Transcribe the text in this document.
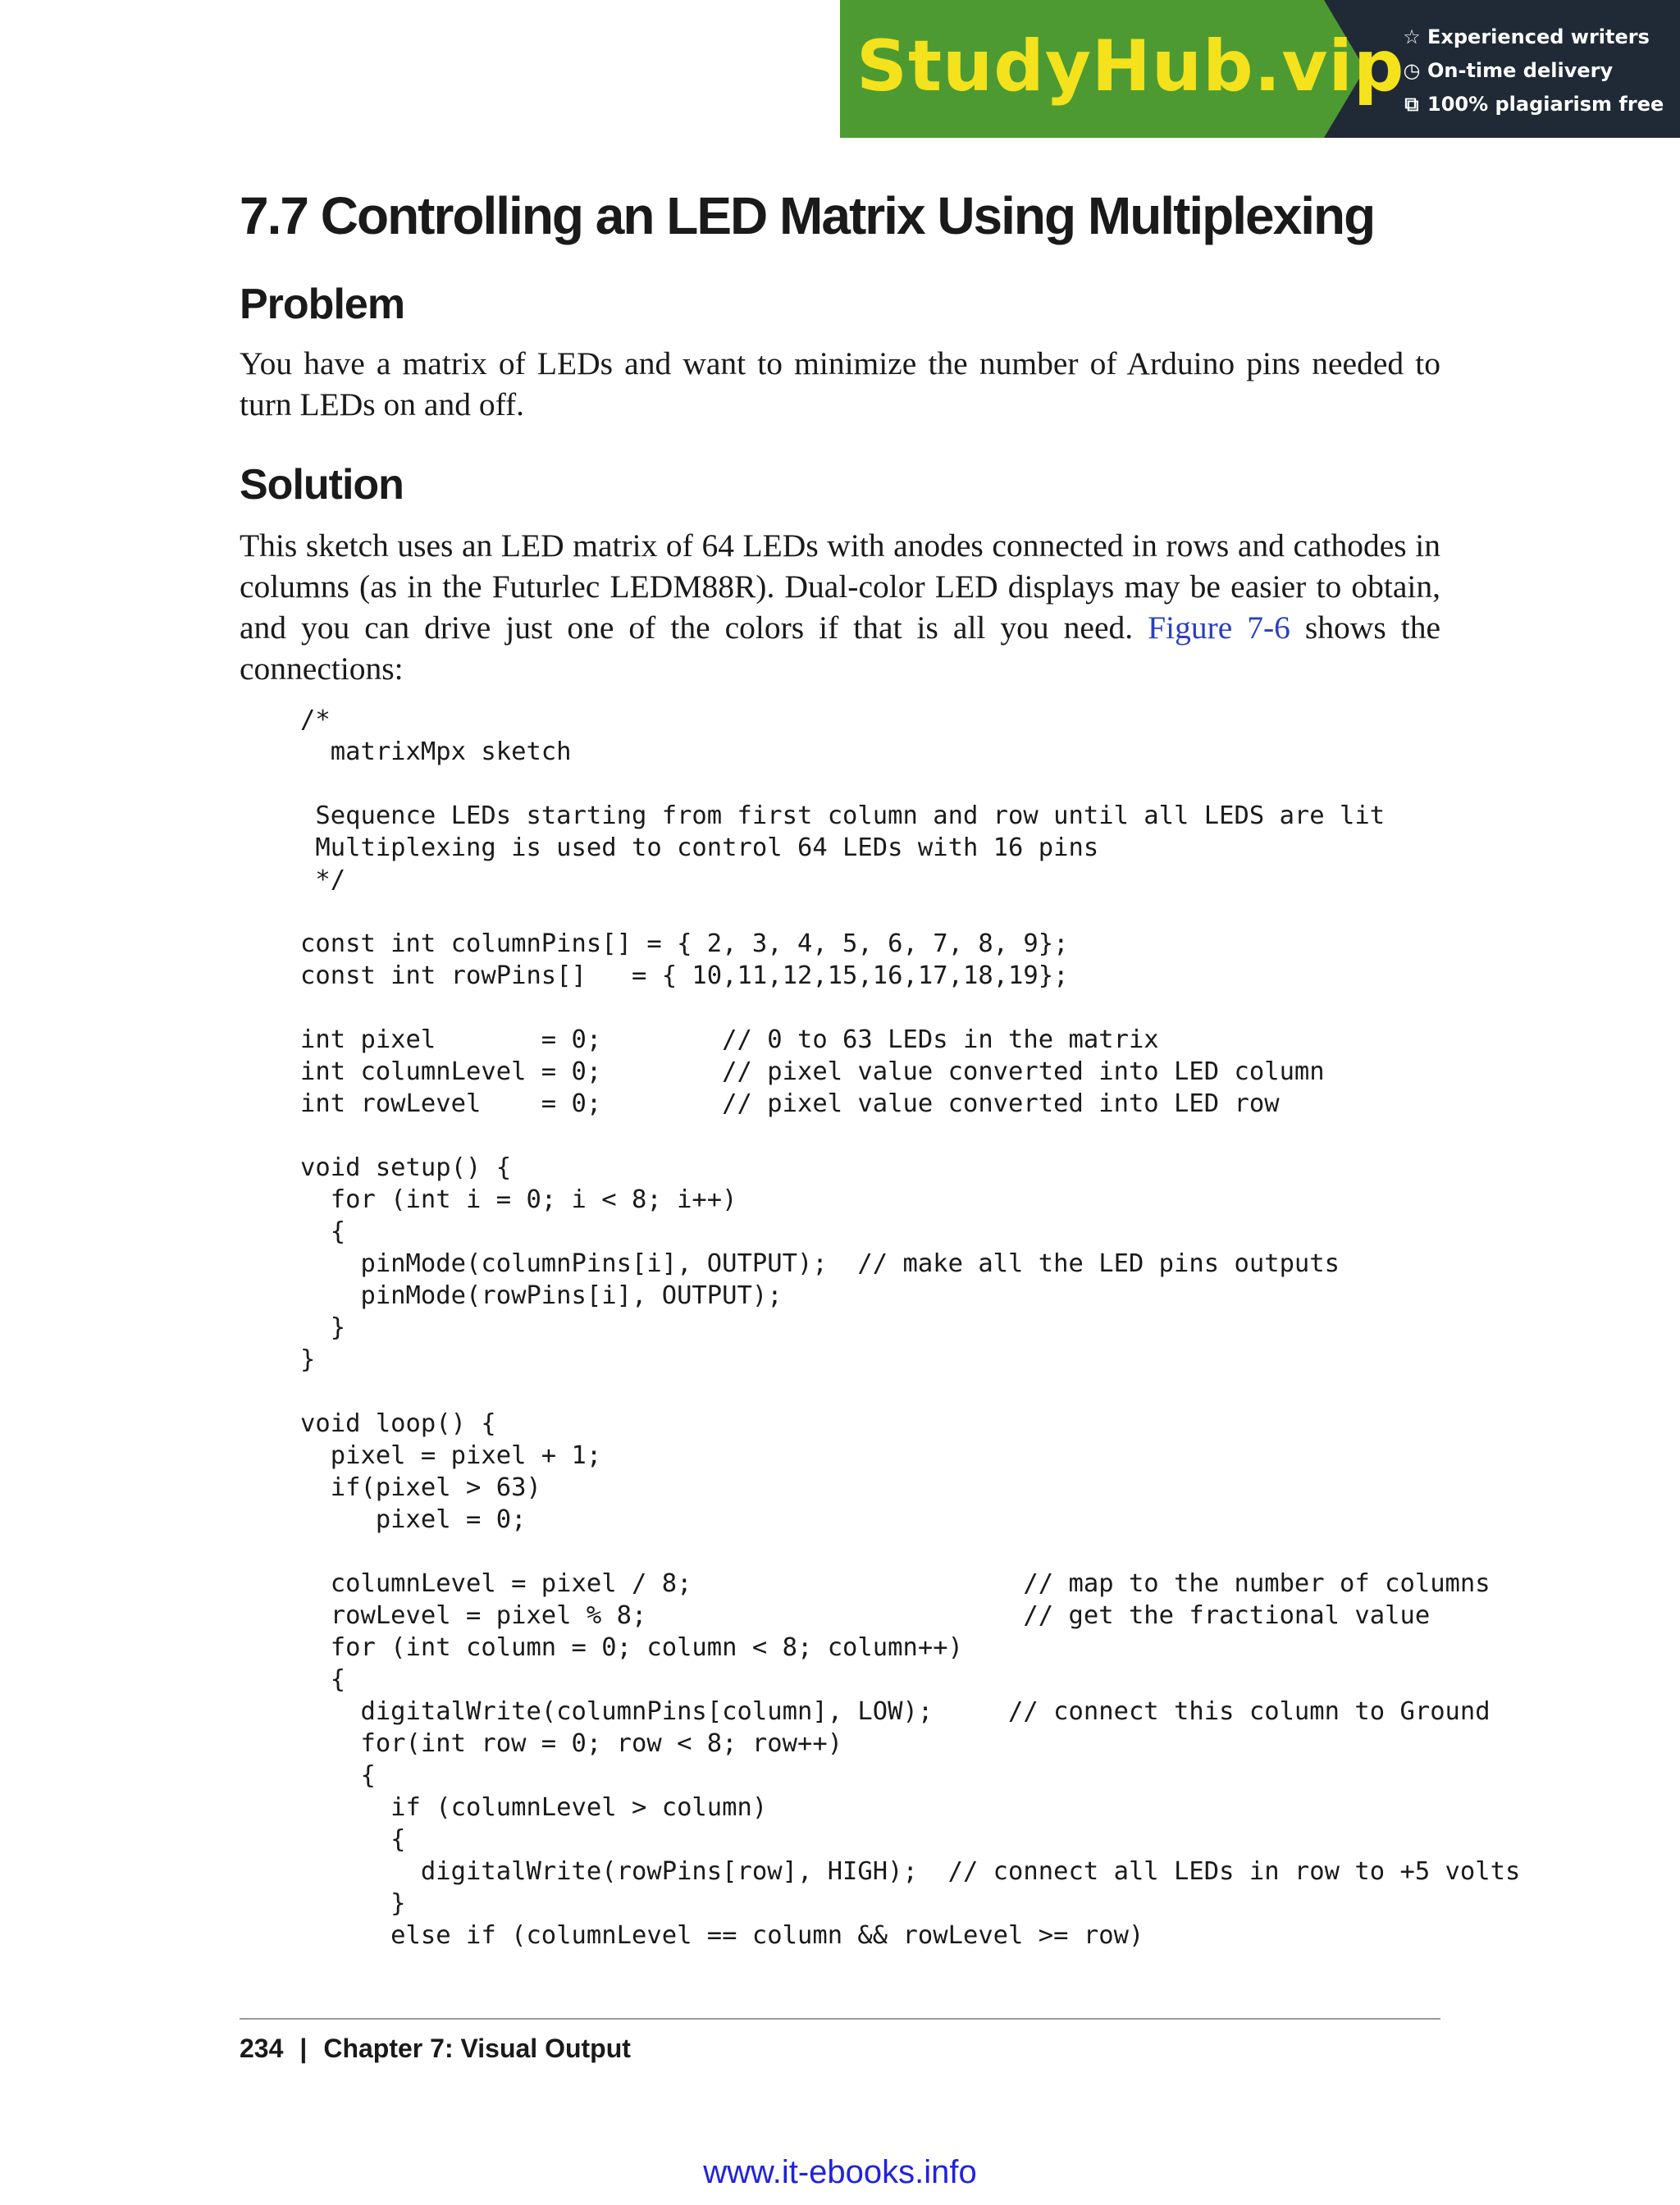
StudyHub.vip
☆ Experienced writers
◷ On-time delivery
⧉ 100% plagiarism free
7.7 Controlling an LED Matrix Using Multiplexing
Problem

You have a matrix of LEDs and want to minimize the number of Arduino pins needed to turn LEDs on and off.

Solution

This sketch uses an LED matrix of 64 LEDs with anodes connected in rows and cathodes in columns (as in the Futurlec LEDM88R). Dual-color LED displays may be easier to obtain, and you can drive just one of the colors if that is all you need. Figure 7-6 shows the connections:

/*
matrixMpx sketch

Sequence LEDs starting from first column and row until all LEDS are lit
Multiplexing is used to control 64 LEDs with 16 pins
*/

const int columnPins[] = { 2, 3, 4, 5, 6, 7, 8, 9};
const int rowPins[]   = { 10,11,12,15,16,17,18,19};

int pixel       = 0;        // 0 to 63 LEDs in the matrix
int columnLevel = 0;        // pixel value converted into LED column
int rowLevel    = 0;        // pixel value converted into LED row

void setup() {
for (int i = 0; i < 8; i++)
{
pinMode(columnPins[i], OUTPUT);  // make all the LED pins outputs
pinMode(rowPins[i], OUTPUT);
}
}

void loop() {
pixel = pixel + 1;
if(pixel > 63)
pixel = 0;

columnLevel = pixel / 8;                      // map to the number of columns
rowLevel = pixel % 8;                         // get the fractional value
for (int column = 0; column < 8; column++)
{
digitalWrite(columnPins[column], LOW);     // connect this column to Ground
for(int row = 0; row < 8; row++)
{
if (columnLevel > column)
{
digitalWrite(rowPins[row], HIGH);  // connect all LEDs in row to +5 volts
}
else if (columnLevel == column && rowLevel >= row)
234 | Chapter 7: Visual Output
www.it-ebooks.info
